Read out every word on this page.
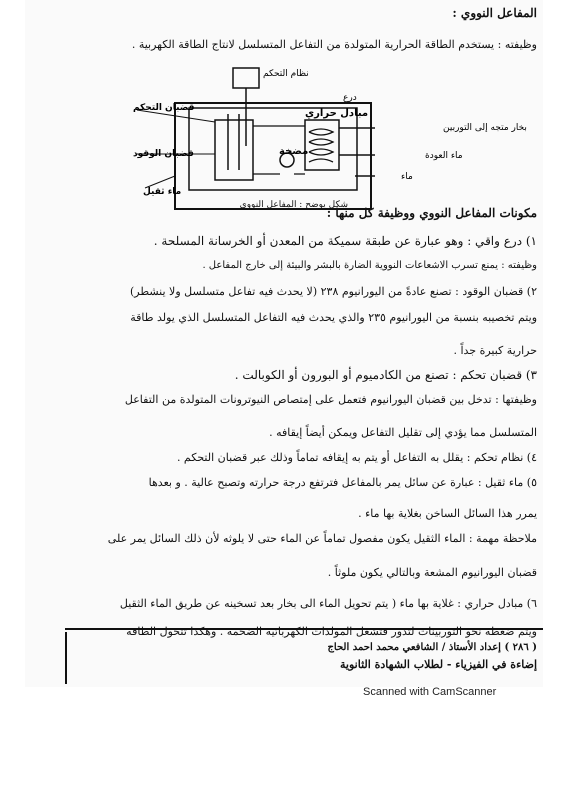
المفاعل النووي :
وظيفته : يستخدم الطاقة الحرارية المتولدة من التفاعل المتسلسل لانتاج الطاقة الكهربية .
نظام التحكم
درع
قضبان التحكم	مبادل حراري
قضبان الوقود	مضخة
ماء ثقيل
بخار متجه إلى التوربين
ماء العودة
ماء
شكل يوضح : المفاعل النووي
مكونات المفاعل النووي ووظيفة كل منها :
١) درع واقي : وهو عبارة عن طبقة سميكة من المعدن أو الخرسانة المسلحة .
وظيفته : يمنع تسرب الاشعاعات النووية الضارة بالبشر والبيئة إلى خارج المفاعل .
٢) قضبان الوقود : تصنع عادةً من اليورانيوم ٢٣٨ (لا يحدث فيه تفاعل متسلسل ولا ينشطر)
ويتم تخصيبه بنسبة من اليورانيوم ٢٣٥ والذي يحدث فيه التفاعل المتسلسل الذي يولد طاقة
حرارية كبيرة جداً .
٣) قضبان تحكم : تصنع من الكادميوم أو البورون أو الكوبالت .
وظيفتها : تدخل بين قضبان اليورانيوم فتعمل على إمتصاص النيوترونات المتولدة من التفاعل
المتسلسل مما يؤدي إلى تقليل التفاعل ويمكن أيضاً إيقافه .
٤) نظام تحكم : يقلل به التفاعل أو يتم به إيقافه تماماً وذلك عبر قضبان التحكم .
٥) ماء ثقيل : عبارة عن سائل يمر بالمفاعل فترتفع درجة حرارته وتصبح عالية . و بعدها
يمرر هذا السائل الساخن بغلاية بها ماء .
ملاحظة مهمة : الماء الثقيل يكون مفصول تماماً عن الماء حتى لا يلوثه لأن ذلك السائل يمر على
قضبان اليورانيوم المشعة وبالتالي يكون ملوثاً .
٦) مبادل حراري : غلاية بها ماء ( يتم تحويل الماء الى بخار بعد تسخينه عن طريق الماء الثقيل
ويتم ضغطه نحو التوربينات لتدور فتشغل المولدات الكهربائية الضخمة . وهكذا تتحول الطاقة
( ٢٨٦ ) إعداد الأستاذ / الشافعي محمد احمد الحاج
إضاءة في الفيزياء - لطلاب الشهادة الثانوية
Scanned with CamScanner
